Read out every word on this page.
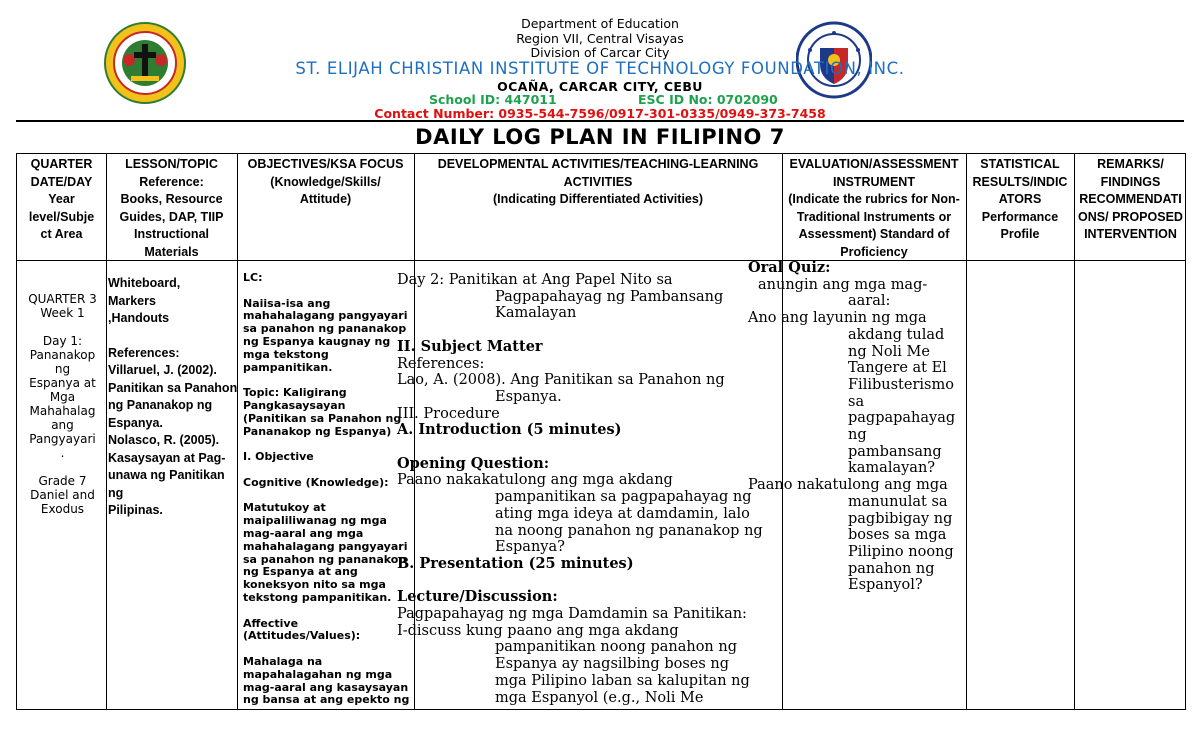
Department of Education
Region VII, Central Visayas
Division of Carcar City
ST. ELIJAH CHRISTIAN INSTITUTE OF TECHNOLOGY FOUNDATION, INC.
OCAÑA, CARCAR CITY, CEBU
School ID: 447011	ESC ID No: 0702090
Contact Number: 0935-544-7596/0917-301-0335/0949-373-7458
DAILY LOG PLAN IN FILIPINO 7
QUARTER
DATE/DAY
Year
level/Subje
ct Area
LESSON/TOPIC
Reference:
Books, Resource
Guides, DAP, TIIP
Instructional
Materials
OBJECTIVES/KSA FOCUS
(Knowledge/Skills/
Attitude)
DEVELOPMENTAL ACTIVITIES/TEACHING-LEARNING
ACTIVITIES
(Indicating Differentiated Activities)
EVALUATION/ASSESSMENT
INSTRUMENT
(Indicate the rubrics for Non-
Traditional Instruments or
Assessment) Standard of
Proficiency
STATISTICAL
RESULTS/INDIC
ATORS
Performance
Profile
REMARKS/
FINDINGS
RECOMMENDATI
ONS/ PROPOSED
INTERVENTION

QUARTER 3
Week 1

Day 1:
Pananakop
ng
Espanya at
Mga
Mahahalag
ang
Pangyayari
.

Grade 7
Daniel and
Exodus

Whiteboard,
Markers
,Handouts

References:
Villaruel, J. (2002).
Panitikan sa Panahon
ng Pananakop ng
Espanya.
Nolasco, R. (2005).
Kasaysayan at Pag-
unawa ng Panitikan ng
Pilipinas.

LC:

Naiisa-isa ang
mahahalagang pangyayari
sa panahon ng pananakop
ng Espanya kaugnay ng
mga tekstong
pampanitikan.

Topic: Kaligirang
Pangkasaysayan
(Panitikan sa Panahon ng
Pananakop ng Espanya)

I. Objective

Cognitive (Knowledge):

Matutukoy at
maipaliliwanag ng mga
mag-aaral ang mga
mahahalagang pangyayari
sa panahon ng pananakop
ng Espanya at ang
koneksyon nito sa mga
tekstong pampanitikan.

Affective
(Attitudes/Values):

Mahalaga na
mapahalagahan ng mga
mag-aaral ang kasaysayan
ng bansa at ang epekto ng

Day 2: Panitikan at Ang Papel Nito sa

Pagpapahayag ng Pambansang

Kamalayan

II. Subject Matter

References:

Lao, A. (2008). Ang Panitikan sa Panahon ng

Espanya.

III. Procedure

A. Introduction (5 minutes)

Opening Question:

Paano nakakatulong ang mga akdang

pampanitikan sa pagpapahayag ng

ating mga ideya at damdamin, lalo

na noong panahon ng pananakop ng

Espanya?

B. Presentation (25 minutes)

Lecture/Discussion:

Pagpapahayag ng mga Damdamin sa Panitikan:

I-discuss kung paano ang mga akdang

pampanitikan noong panahon ng

Espanya ay nagsilbing boses ng

mga Pilipino laban sa kalupitan ng

mga Espanyol (e.g., Noli Me

Oral Quiz:

anungin ang mga mag-

aaral:

Ano ang layunin ng mga

akdang tulad

ng Noli Me

Tangere at El

Filibusterismo

sa

pagpapahayag

ng

pambansang

kamalayan?

Paano nakatulong ang mga

manunulat sa

pagbibigay ng

boses sa mga

Pilipino noong

panahon ng

Espanyol?
